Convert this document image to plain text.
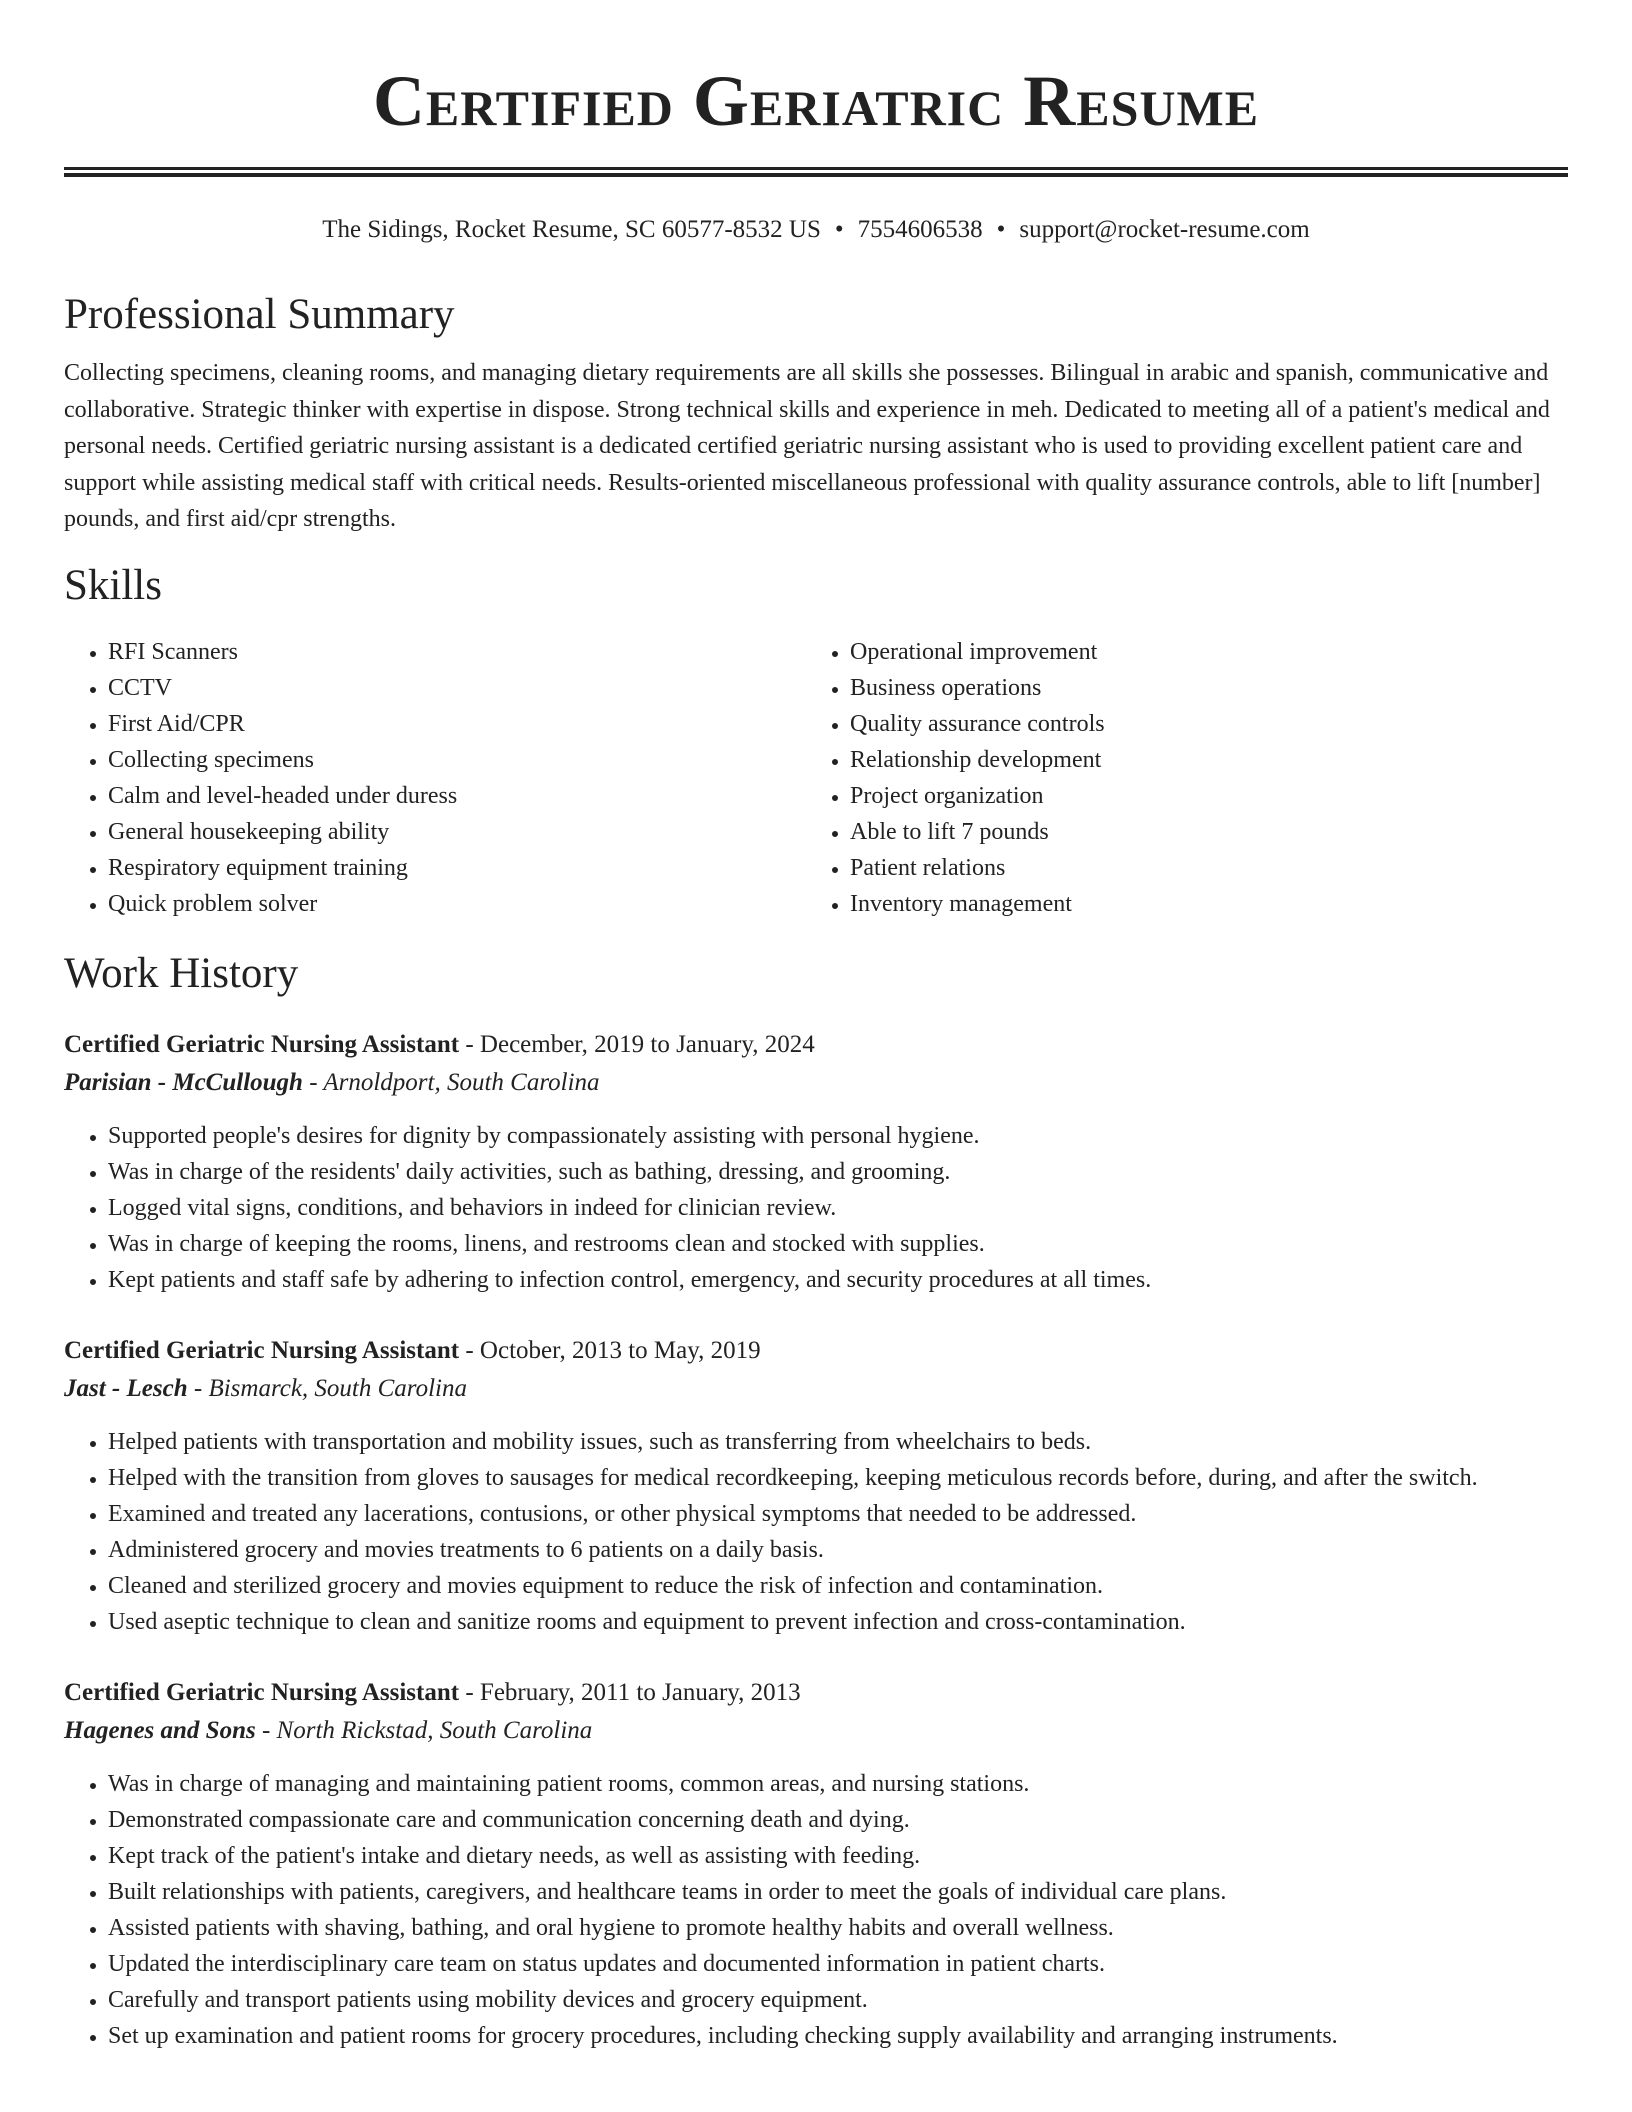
Certified Geriatric Resume
The Sidings, Rocket Resume, SC 60577-8532 US • 7554606538 • support@rocket-resume.com
Professional Summary

Collecting specimens, cleaning rooms, and managing dietary requirements are all skills she possesses. Bilingual in arabic and spanish, communicative and collaborative. Strategic thinker with expertise in dispose. Strong technical skills and experience in meh. Dedicated to meeting all of a patient's medical and personal needs. Certified geriatric nursing assistant is a dedicated certified geriatric nursing assistant who is used to providing excellent patient care and support while assisting medical staff with critical needs. Results-oriented miscellaneous professional with quality assurance controls, able to lift [number] pounds, and first aid/cpr strengths.

Skills
• RFI Scanners
• CCTV
• First Aid/CPR
• Collecting specimens
• Calm and level-headed under duress
• General housekeeping ability
• Respiratory equipment training
• Quick problem solver
• Operational improvement
• Business operations
• Quality assurance controls
• Relationship development
• Project organization
• Able to lift 7 pounds
• Patient relations
• Inventory management
Work History
Certified Geriatric Nursing Assistant - December, 2019 to January, 2024
Parisian - McCullough - Arnoldport, South Carolina
• Supported people's desires for dignity by compassionately assisting with personal hygiene.
• Was in charge of the residents' daily activities, such as bathing, dressing, and grooming.
• Logged vital signs, conditions, and behaviors in indeed for clinician review.
• Was in charge of keeping the rooms, linens, and restrooms clean and stocked with supplies.
• Kept patients and staff safe by adhering to infection control, emergency, and security procedures at all times.
Certified Geriatric Nursing Assistant - October, 2013 to May, 2019
Jast - Lesch - Bismarck, South Carolina
• Helped patients with transportation and mobility issues, such as transferring from wheelchairs to beds.
• Helped with the transition from gloves to sausages for medical recordkeeping, keeping meticulous records before, during, and after the switch.
• Examined and treated any lacerations, contusions, or other physical symptoms that needed to be addressed.
• Administered grocery and movies treatments to 6 patients on a daily basis.
• Cleaned and sterilized grocery and movies equipment to reduce the risk of infection and contamination.
• Used aseptic technique to clean and sanitize rooms and equipment to prevent infection and cross-contamination.
Certified Geriatric Nursing Assistant - February, 2011 to January, 2013
Hagenes and Sons - North Rickstad, South Carolina
• Was in charge of managing and maintaining patient rooms, common areas, and nursing stations.
• Demonstrated compassionate care and communication concerning death and dying.
• Kept track of the patient's intake and dietary needs, as well as assisting with feeding.
• Built relationships with patients, caregivers, and healthcare teams in order to meet the goals of individual care plans.
• Assisted patients with shaving, bathing, and oral hygiene to promote healthy habits and overall wellness.
• Updated the interdisciplinary care team on status updates and documented information in patient charts.
• Carefully and transport patients using mobility devices and grocery equipment.
• Set up examination and patient rooms for grocery procedures, including checking supply availability and arranging instruments.
